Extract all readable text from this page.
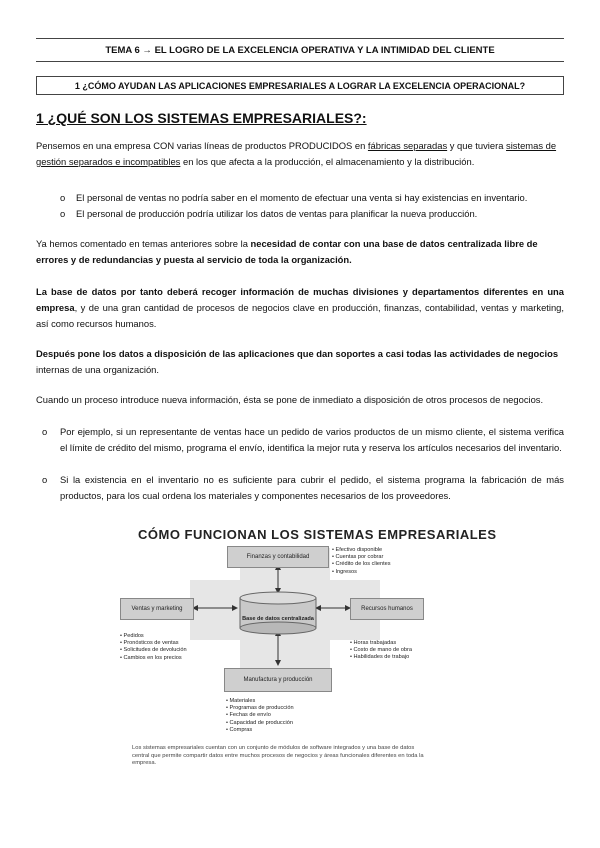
TEMA 6 → EL LOGRO DE LA EXCELENCIA OPERATIVA Y LA INTIMIDAD DEL CLIENTE
1 ¿CÓMO AYUDAN LAS APLICACIONES EMPRESARIALES A LOGRAR LA EXCELENCIA OPERACIONAL?
1 ¿QUÉ SON LOS SISTEMAS EMPRESARIALES?:
Pensemos en una empresa CON varias líneas de productos PRODUCIDOS en fábricas separadas y que tuviera sistemas de gestión separados e incompatibles en los que afecta a la producción, el almacenamiento y la distribución.
o El personal de ventas no podría saber en el momento de efectuar una venta si hay existencias en inventario.
o El personal de producción podría utilizar los datos de ventas para planificar la nueva producción.
Ya hemos comentado en temas anteriores sobre la necesidad de contar con una base de datos centralizada libre de errores y de redundancias y puesta al servicio de toda la organización.
La base de datos por tanto deberá recoger información de muchas divisiones y departamentos diferentes en una empresa, y de una gran cantidad de procesos de negocios clave en producción, finanzas, contabilidad, ventas y marketing, así como recursos humanos.
Después pone los datos a disposición de las aplicaciones que dan soportes a casi todas las actividades de negocios internas de una organización.
Cuando un proceso introduce nueva información, ésta se pone de inmediato a disposición de otros procesos de negocios.
o Por ejemplo, si un representante de ventas hace un pedido de varios productos de un mismo cliente, el sistema verifica el límite de crédito del mismo, programa el envío, identifica la mejor ruta y reserva los artículos necesarios del inventario.
o Si la existencia en el inventario no es suficiente para cubrir el pedido, el sistema programa la fabricación de más productos, para los cual ordena los materiales y componentes necesarios de los proveedores.
CÓMO FUNCIONAN LOS SISTEMAS EMPRESARIALES
Base de datos centralizada
Finanzas y contabilidad
• Efectivo disponible
• Cuentas por cobrar
• Crédito de los clientes
• Ingresos
Ventas y marketing
• Pedidos
• Pronósticos de ventas
• Solicitudes de devolución
• Cambios en los precios
Recursos humanos
• Horas trabajadas
• Costo de mano de obra
• Habilidades de trabajo
Manufactura y producción
• Materiales
• Programas de producción
• Fechas de envío
• Capacidad de producción
• Compras
Los sistemas empresariales cuentan con un conjunto de módulos de software integrados y una base de datos central que permite compartir datos entre muchos procesos de negocios y áreas funcionales diferentes en toda la empresa.
